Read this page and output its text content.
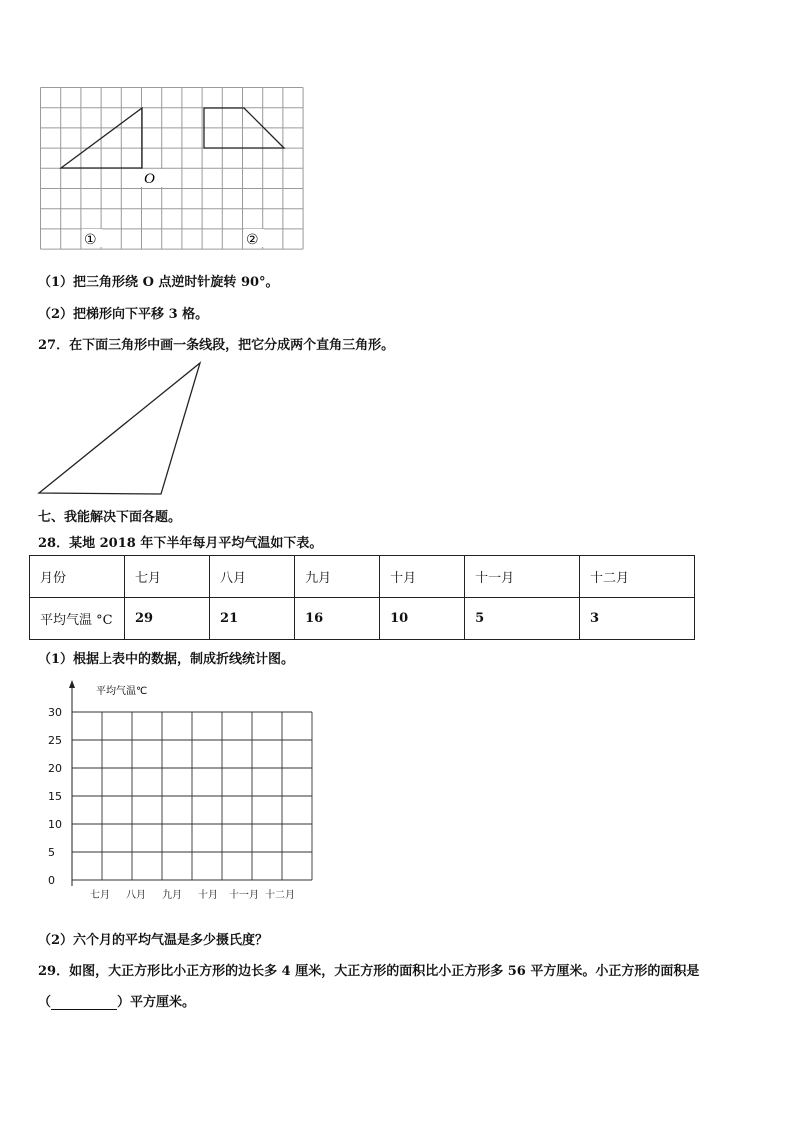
O
①	②
（1）把三角形绕 O 点逆时针旋转 90°。
（2）把梯形向下平移 3 格。
27．在下面三角形中画一条线段，把它分成两个直角三角形。
七、我能解决下面各题。
28．某地 2018 年下半年每月平均气温如下表。
月份	七月	八月	九月	十月	十一月	十二月
平均气温 °C	29	21	16	10	5	3
（1）根据上表中的数据，制成折线统计图。
平均气温℃
30
25
20
15
10
5
0
七月 八月 九月 十月 十一月 十二月
（2）六个月的平均气温是多少摄氏度？
29．如图，大正方形比小正方形的边长多 4 厘米，大正方形的面积比小正方形多 56 平方厘米。小正方形的面积是
（	）平方厘米。
